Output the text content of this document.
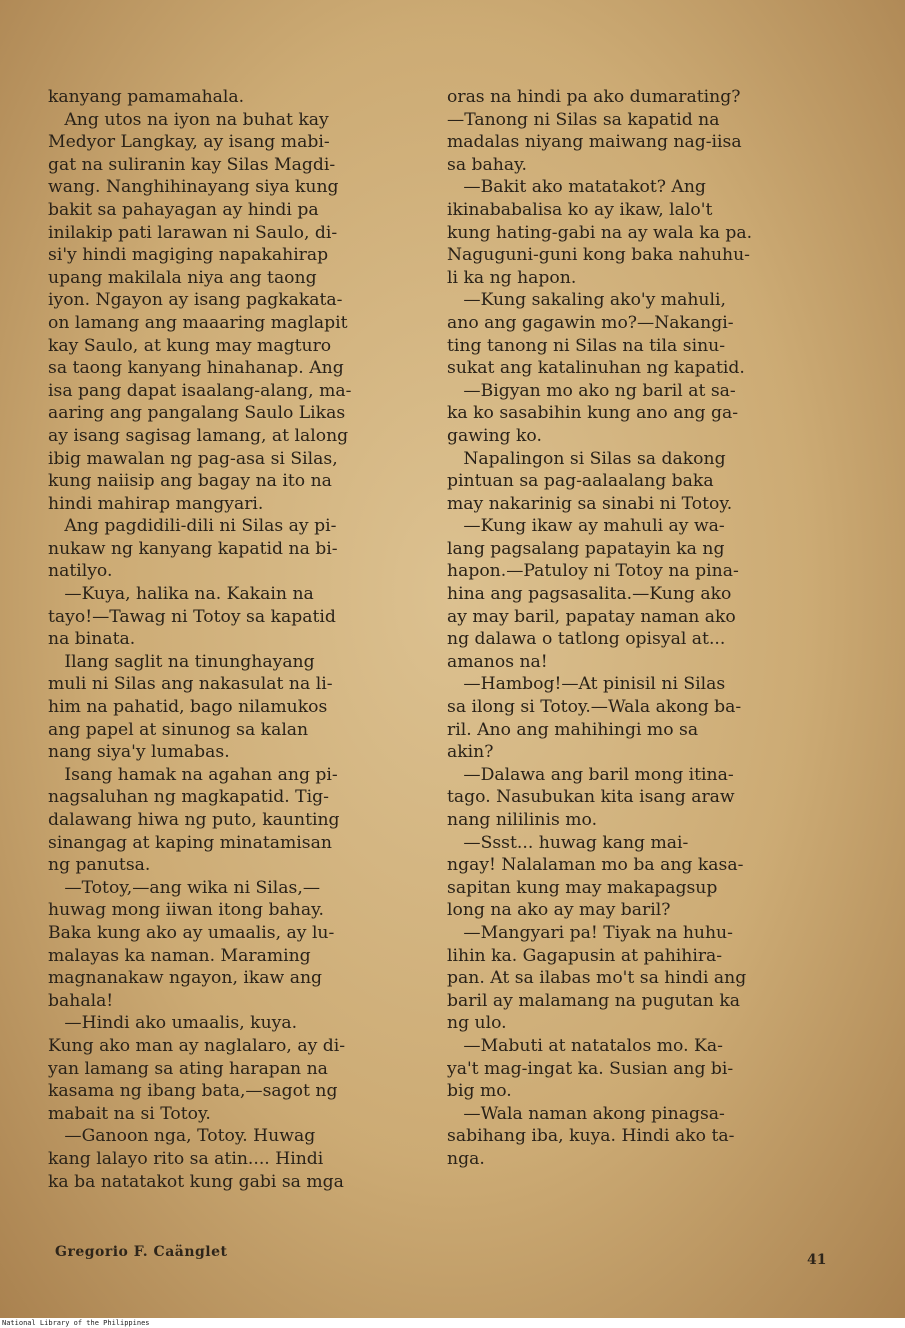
kanyang pamamahala.
Ang utos na iyon na buhat kay
Medyor Langkay, ay isang mabi-
gat na suliranin kay Silas Magdi-
wang. Nanghihinayang siya kung
bakit sa pahayagan ay hindi pa
inilakip pati larawan ni Saulo, di-
si'y hindi magiging napakahirap
upang makilala niya ang taong
iyon. Ngayon ay isang pagkakata-
on lamang ang maaaring maglapit
kay Saulo, at kung may magturo
sa taong kanyang hinahanap. Ang
isa pang dapat isaalang-alang, ma-
aaring ang pangalang Saulo Likas
ay isang sagisag lamang, at lalong
ibig mawalan ng pag-asa si Silas,
kung naiisip ang bagay na ito na
hindi mahirap mangyari.
Ang pagdidili-dili ni Silas ay pi-
nukaw ng kanyang kapatid na bi-
natilyo.
—Kuya, halika na. Kakain na
tayo!—Tawag ni Totoy sa kapatid
na binata.
Ilang saglit na tinunghayang
muli ni Silas ang nakasulat na li-
him na pahatid, bago nilamukos
ang papel at sinunog sa kalan
nang siya'y lumabas.
Isang hamak na agahan ang pi-
nagsaluhan ng magkapatid. Tig-
dalawang hiwa ng puto, kaunting
sinangag at kaping minatamisan
ng panutsa.
—Totoy,—ang wika ni Silas,—
huwag mong iiwan itong bahay.
Baka kung ako ay umaalis, ay lu-
malayas ka naman. Maraming
magnanakaw ngayon, ikaw ang
bahala!
—Hindi ako umaalis, kuya.
Kung ako man ay naglalaro, ay di-
yan lamang sa ating harapan na
kasama ng ibang bata,—sagot ng
mabait na si Totoy.
—Ganoon nga, Totoy. Huwag
kang lalayo rito sa atin.... Hindi
ka ba natatakot kung gabi sa mga
oras na hindi pa ako dumarating?
—Tanong ni Silas sa kapatid na
madalas niyang maiwang nag-iisa
sa bahay.
—Bakit ako matatakot? Ang
ikinababalisa ko ay ikaw, lalo't
kung hating-gabi na ay wala ka pa.
Naguguni-guni kong baka nahuhu-
li ka ng hapon.
—Kung sakaling ako'y mahuli,
ano ang gagawin mo?—Nakangi-
ting tanong ni Silas na tila sinu-
sukat ang katalinuhan ng kapatid.
—Bigyan mo ako ng baril at sa-
ka ko sasabihin kung ano ang ga-
gawing ko.
Napalingon si Silas sa dakong
pintuan sa pag-aalaalang baka
may nakarinig sa sinabi ni Totoy.
—Kung ikaw ay mahuli ay wa-
lang pagsalang papatayin ka ng
hapon.—Patuloy ni Totoy na pina-
hina ang pagsasalita.—Kung ako
ay may baril, papatay naman ako
ng dalawa o tatlong opisyal at...
amanos na!
—Hambog!—At pinisil ni Silas
sa ilong si Totoy.—Wala akong ba-
ril. Ano ang mahihingi mo sa
akin?
—Dalawa ang baril mong itina-
tago. Nasubukan kita isang araw
nang nililinis mo.
—Ssst... huwag kang mai-
ngay! Nalalaman mo ba ang kasa-
sapitan kung may makapagsup
long na ako ay may baril?
—Mangyari pa! Tiyak na huhu-
lihin ka. Gagapusin at pahihira-
pan. At sa ilabas mo't sa hindi ang
baril ay malamang na pugutan ka
ng ulo.
—Mabuti at natatalos mo. Ka-
ya't mag-ingat ka. Susian ang bi-
big mo.
—Wala naman akong pinagsa-
sabihang iba, kuya. Hindi ako ta-
nga.
Gregorio F. Caänglet	41
National Library of the Philippines
